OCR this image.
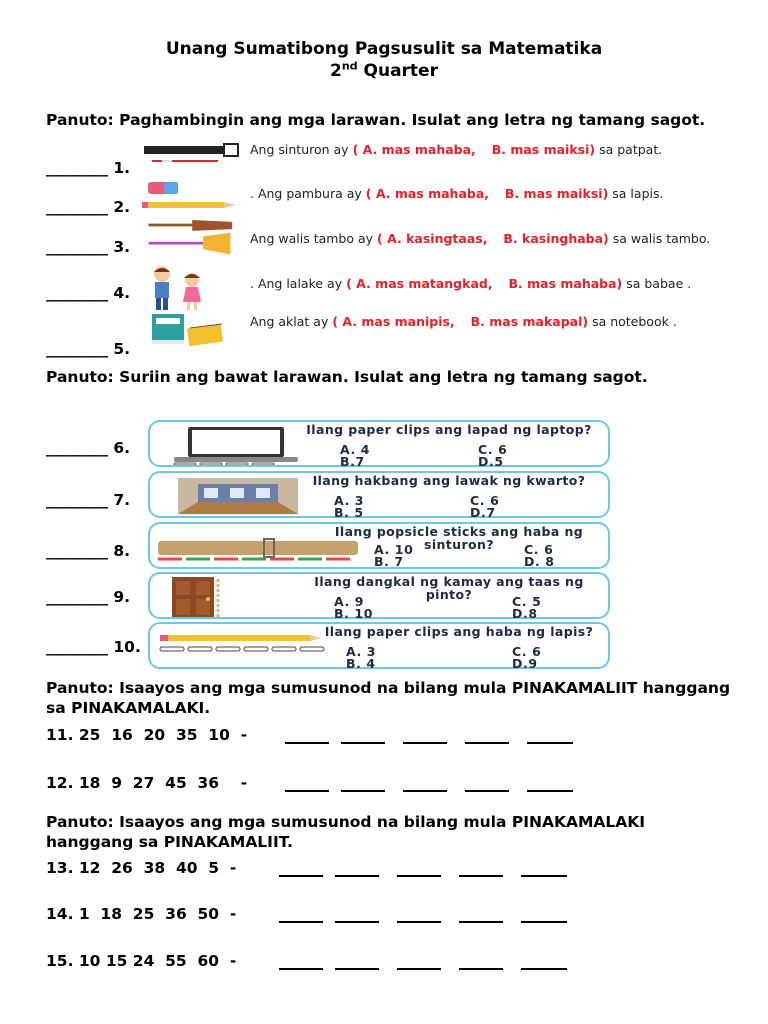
Unang Sumatibong Pagsusulit sa Matematika
2nd Quarter
Panuto: Paghambingin ang mga larawan. Isulat ang letra ng tamang sagot.
Ang sinturon ay ( A. mas mahaba, B. mas maiksi) sa patpat.
. Ang pambura ay ( A. mas mahaba, B. mas maiksi) sa lapis.
Ang walis tambo ay ( A. kasingtaas, B. kasinghaba) sa walis tambo.
. Ang lalake ay ( A. mas matangkad, B. mas mahaba) sa babae .
Ang aklat ay ( A. mas manipis, B. mas makapal) sa notebook .
________ 1.
________ 2.
________ 3.
________ 4.
________ 5.
Panuto: Suriin ang bawat larawan. Isulat ang letra ng tamang sagot.
________ 6.
________ 7.
________ 8.
________ 9.
________ 10.
Ilang paper clips ang lapad ng laptop?
A. 4	C. 6
B.7	D.5
Ilang hakbang ang lawak ng kwarto?
A. 3	C. 6
B. 5	D.7
Ilang popsicle sticks ang haba ng sinturon?
A. 10	C. 6
B. 7	D. 8
Ilang dangkal ng kamay ang taas ng pinto?
A. 9	C. 5
B. 10	D.8
Ilang paper clips ang haba ng lapis?
A. 3	C. 6
B. 4	D.9
Panuto: Isaayos ang mga sumusunod na bilang mula PINAKAMALIIT hanggang sa PINAKAMALAKI.
11. 25  16  20  35  10  -
12. 18  9  27  45  36    -
Panuto: Isaayos ang mga sumusunod na bilang mula PINAKAMALAKI hanggang sa PINAKAMALIIT.
13. 12  26  38  40  5  -
14. 1  18  25  36  50  -
15. 10 15 24  55  60  -
